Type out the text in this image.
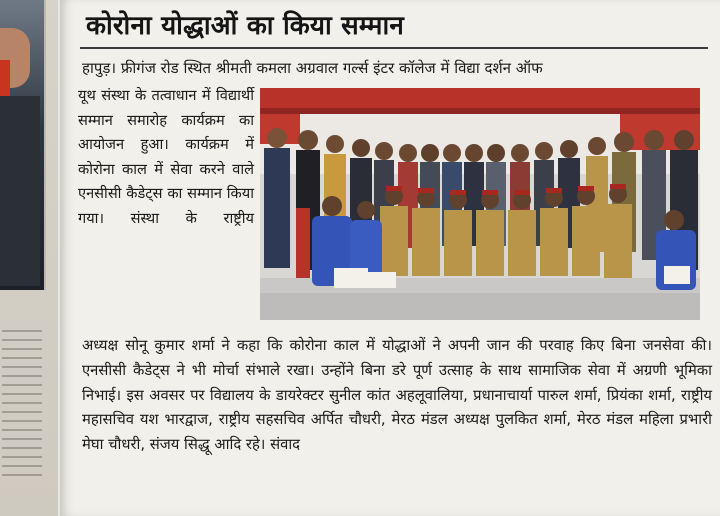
कोरोना योद्धाओं का किया सम्मान

हापुड़। फ्रीगंज रोड स्थित श्रीमती कमला अग्रवाल गर्ल्स इंटर कॉलेज में विद्या दर्शन ऑफ

यूथ संस्था के तत्वाधान में विद्यार्थी सम्मान समारोह कार्यक्रम का आयोजन हुआ। कार्यक्रम में कोरोना काल में सेवा करने वाले एनसीसी कैडेट्स का सम्मान किया गया। संस्था के राष्ट्रीय

अध्यक्ष सोनू कुमार शर्मा ने कहा कि कोरोना काल में योद्धाओं ने अपनी जान की परवाह किए बिना जनसेवा की। एनसीसी कैडेट्स ने भी मोर्चा संभाले रखा। उन्होंने बिना डरे पूर्ण उत्साह के साथ सामाजिक सेवा में अग्रणी भूमिका निभाई। इस अवसर पर विद्यालय के डायरेक्टर सुनील कांत अहलूवालिया, प्रधानाचार्या पारुल शर्मा, प्रियंका शर्मा, राष्ट्रीय महासचिव यश भारद्वाज, राष्ट्रीय सहसचिव अर्पित चौधरी, मेरठ मंडल अध्यक्ष पुलकित शर्मा, मेरठ मंडल महिला प्रभारी मेघा चौधरी, संजय सिद्धू आदि रहे। संवाद
